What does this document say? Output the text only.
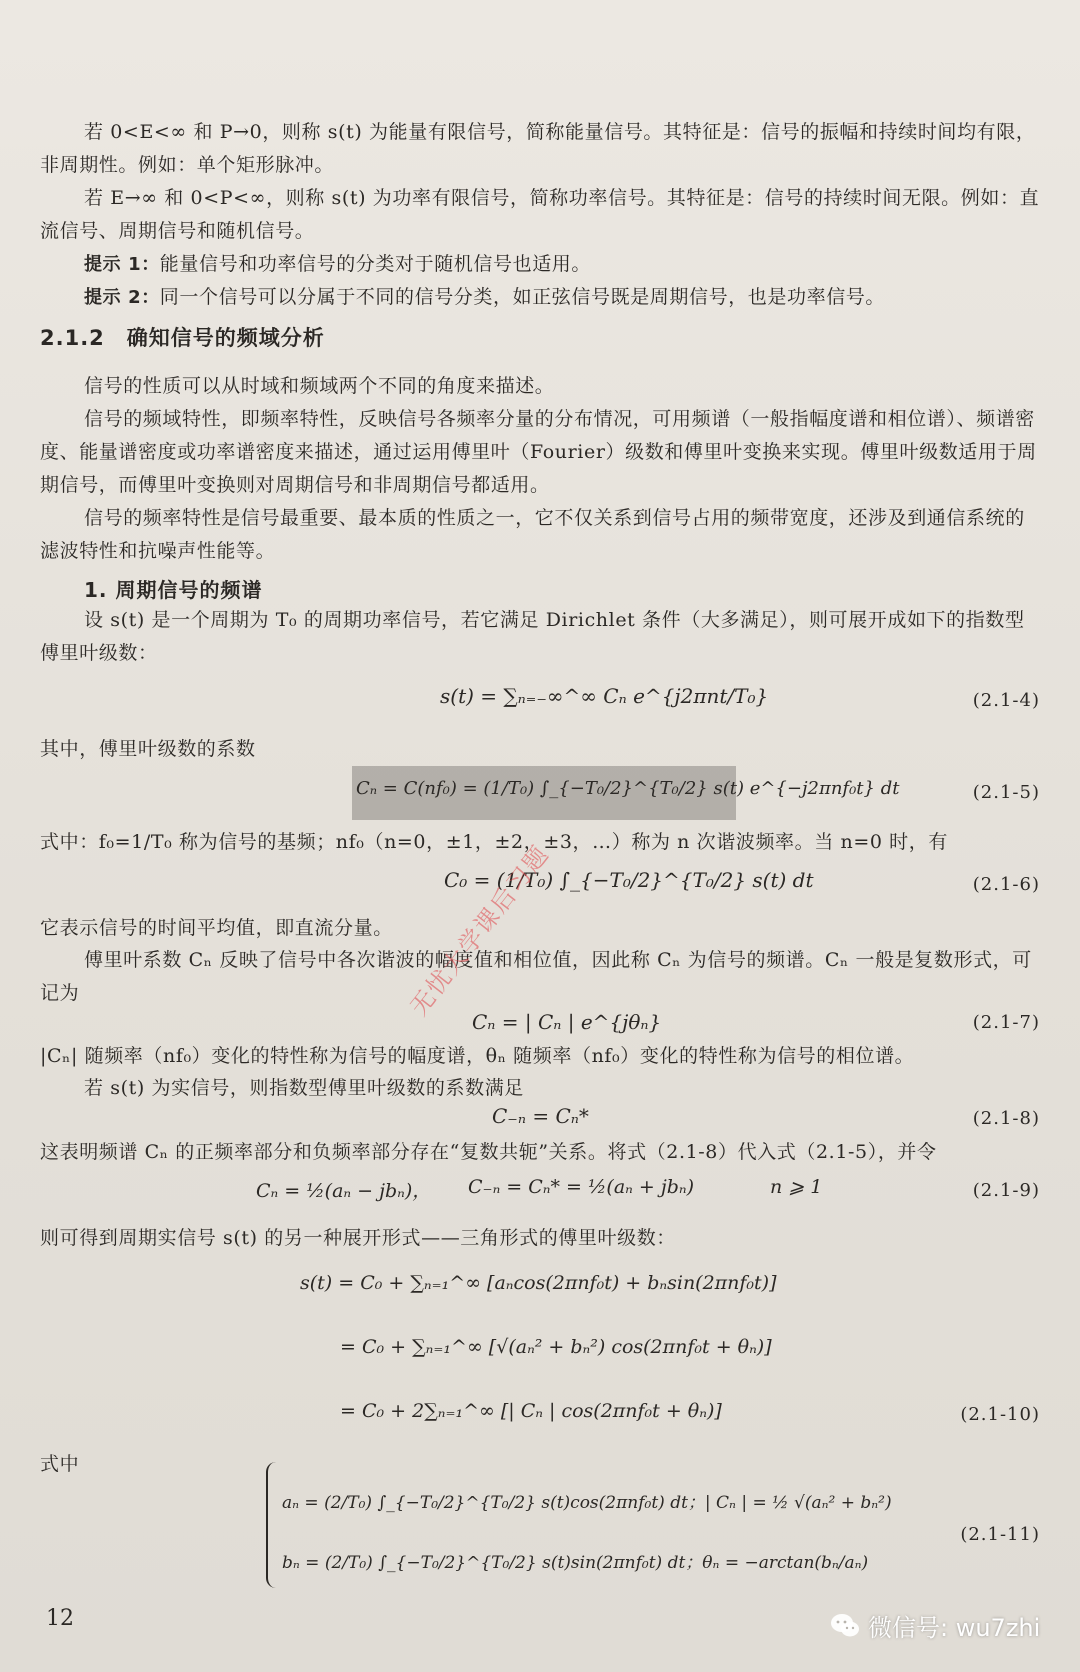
若 0<E<∞ 和 P→0，则称 s(t) 为能量有限信号，简称能量信号。其特征是：信号的振幅和持续时间均有限，非周期性。例如：单个矩形脉冲。

若 E→∞ 和 0<P<∞，则称 s(t) 为功率有限信号，简称功率信号。其特征是：信号的持续时间无限。例如：直流信号、周期信号和随机信号。

提示 1：能量信号和功率信号的分类对于随机信号也适用。

提示 2：同一个信号可以分属于不同的信号分类，如正弦信号既是周期信号，也是功率信号。

2.1.2　确知信号的频域分析

信号的性质可以从时域和频域两个不同的角度来描述。

信号的频域特性，即频率特性，反映信号各频率分量的分布情况，可用频谱（一般指幅度谱和相位谱）、频谱密度、能量谱密度或功率谱密度来描述，通过运用傅里叶（Fourier）级数和傅里叶变换来实现。傅里叶级数适用于周期信号，而傅里叶变换则对周期信号和非周期信号都适用。

信号的频率特性是信号最重要、最本质的性质之一，它不仅关系到信号占用的频带宽度，还涉及到通信系统的滤波特性和抗噪声性能等。

1. 周期信号的频谱

设 s(t) 是一个周期为 T₀ 的周期功率信号，若它满足 Dirichlet 条件（大多满足），则可展开成如下的指数型傅里叶级数：

s(t) = ∑ₙ₌₋∞^∞ Cₙ e^{j2πnt/T₀}	(2.1-4)

其中，傅里叶级数的系数

Cₙ = C(nf₀) = (1/T₀) ∫_{−T₀/2}^{T₀/2} s(t) e^{−j2πnf₀t} dt	(2.1-5)

式中：f₀=1/T₀ 称为信号的基频；nf₀（n=0，±1，±2，±3，…）称为 n 次谐波频率。当 n=0 时，有

C₀ = (1/T₀) ∫_{−T₀/2}^{T₀/2} s(t) dt	(2.1-6)

它表示信号的时间平均值，即直流分量。

傅里叶系数 Cₙ 反映了信号中各次谐波的幅度值和相位值，因此称 Cₙ 为信号的频谱。Cₙ 一般是复数形式，可记为

Cₙ = | Cₙ | e^{jθₙ}	(2.1-7)

|Cₙ| 随频率（nf₀）变化的特性称为信号的幅度谱，θₙ 随频率（nf₀）变化的特性称为信号的相位谱。

若 s(t) 为实信号，则指数型傅里叶级数的系数满足

C₋ₙ = Cₙ*	(2.1-8)

这表明频谱 Cₙ 的正频率部分和负频率部分存在“复数共轭”关系。将式（2.1-8）代入式（2.1-5），并令

Cₙ = ½(aₙ − jbₙ)， C₋ₙ = Cₙ* = ½(aₙ + jbₙ)	n ⩾ 1	(2.1-9)

则可得到周期实信号 s(t) 的另一种展开形式——三角形式的傅里叶级数：

s(t) = C₀ + ∑ₙ₌₁^∞ [aₙcos(2πnf₀t) + bₙsin(2πnf₀t)]
= C₀ + ∑ₙ₌₁^∞ [√(aₙ² + bₙ²) cos(2πnf₀t + θₙ)]
= C₀ + 2∑ₙ₌₁^∞ [| Cₙ | cos(2πnf₀t + θₙ)]	(2.1-10)

式中

aₙ = (2/T₀) ∫_{−T₀/2}^{T₀/2} s(t)cos(2πnf₀t) dt；| Cₙ | = ½ √(aₙ² + bₙ²)
bₙ = (2/T₀) ∫_{−T₀/2}^{T₀/2} s(t)sin(2πnf₀t) dt；θₙ = −arctan(bₙ/aₙ)
(2.1-11)
无忧大学课后习题
12	微信号: wu7zhi
